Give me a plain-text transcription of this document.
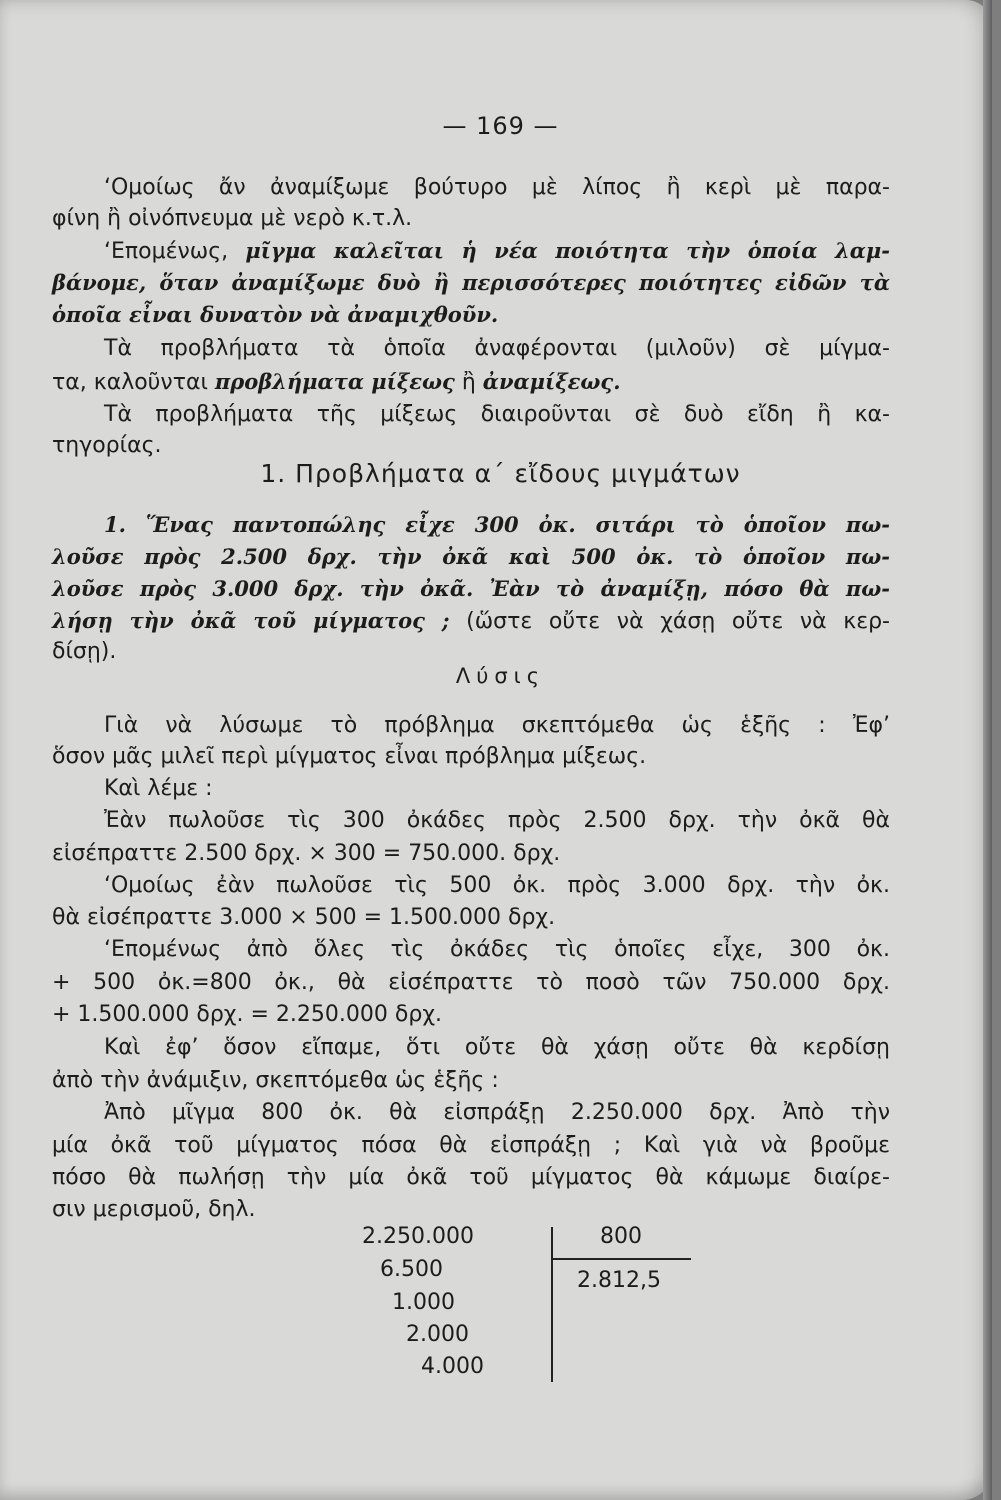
— 169 —
‘Ομοίως ἄν ἀναμίξωμε βούτυρο μὲ λίπος ἢ κερὶ μὲ παρα-
φίνη ἢ οἰνόπνευμα μὲ νερὸ κ.τ.λ.
‘Επομένως, μῖγμα καλεῖται ἡ νέα ποιότητα τὴν ὁποία λαμ-
βάνομε, ὅταν ἀναμίξωμε δυὸ ἢ περισσότερες ποιότητες εἰδῶν τὰ
ὁποῖα εἶναι δυνατὸν νὰ ἀναμιχθοῦν.
Τὰ προβλήματα τὰ ὁποῖα ἀναφέρονται (μιλοῦν) σὲ μίγμα-
τα, καλοῦνται προβλήματα μίξεως ἢ ἀναμίξεως.
Τὰ προβλήματα τῆς μίξεως διαιροῦνται σὲ δυὸ εἴδη ἢ κα-
τηγορίας.
1. Προβλήματα α΄ εἴδους μιγμάτων
1. Ἕνας παντοπώλης εἶχε 300 ὀκ. σιτάρι τὸ ὁποῖον πω-
λοῦσε πρὸς 2.500 δρχ. τὴν ὀκᾶ καὶ 500 ὀκ. τὸ ὁποῖον πω-
λοῦσε πρὸς 3.000 δρχ. τὴν ὀκᾶ. Ἐὰν τὸ ἀναμίξῃ, πόσο θὰ πω-
λήσῃ τὴν ὀκᾶ τοῦ μίγματος ; (ὥστε οὔτε νὰ χάσῃ οὔτε νὰ κερ-
δίσῃ).
Λύσις
Γιὰ νὰ λύσωμε τὸ πρόβλημα σκεπτόμεθα ὡς ἑξῆς : Ἐφ’
ὅσον μᾶς μιλεῖ περὶ μίγματος εἶναι πρόβλημα μίξεως.
Καὶ λέμε :
Ἐὰν πωλοῦσε τὶς 300 ὀκάδες πρὸς 2.500 δρχ. τὴν ὀκᾶ θὰ
εἰσέπραττε 2.500 δρχ. × 300 = 750.000. δρχ.
‘Ομοίως ἐὰν πωλοῦσε τὶς 500 ὀκ. πρὸς 3.000 δρχ. τὴν ὀκ.
θὰ εἰσέπραττε 3.000 × 500 = 1.500.000 δρχ.
‘Επομένως ἀπὸ ὅλες τὶς ὀκάδες τὶς ὁποῖες εἶχε, 300 ὀκ.
+ 500 ὀκ.=800 ὀκ., θὰ εἰσέπραττε τὸ ποσὸ τῶν 750.000 δρχ.
+ 1.500.000 δρχ. = 2.250.000 δρχ.
Καὶ ἐφ’ ὅσον εἴπαμε, ὅτι οὔτε θὰ χάσῃ οὔτε θὰ κερδίσῃ
ἀπὸ τὴν ἀνάμιξιν, σκεπτόμεθα ὡς ἑξῆς :
Ἀπὸ μῖγμα 800 ὀκ. θὰ εἰσπράξῃ 2.250.000 δρχ. Ἀπὸ τὴν
μία ὀκᾶ τοῦ μίγματος πόσα θὰ εἰσπράξῃ ; Καὶ γιὰ νὰ βροῦμε
πόσο θὰ πωλήσῃ τὴν μία ὀκᾶ τοῦ μίγματος θὰ κάμωμε διαίρε-
σιν μερισμοῦ, δηλ.
2.250.000
6.500
1.000
2.000
4.000
800
2.812,5
